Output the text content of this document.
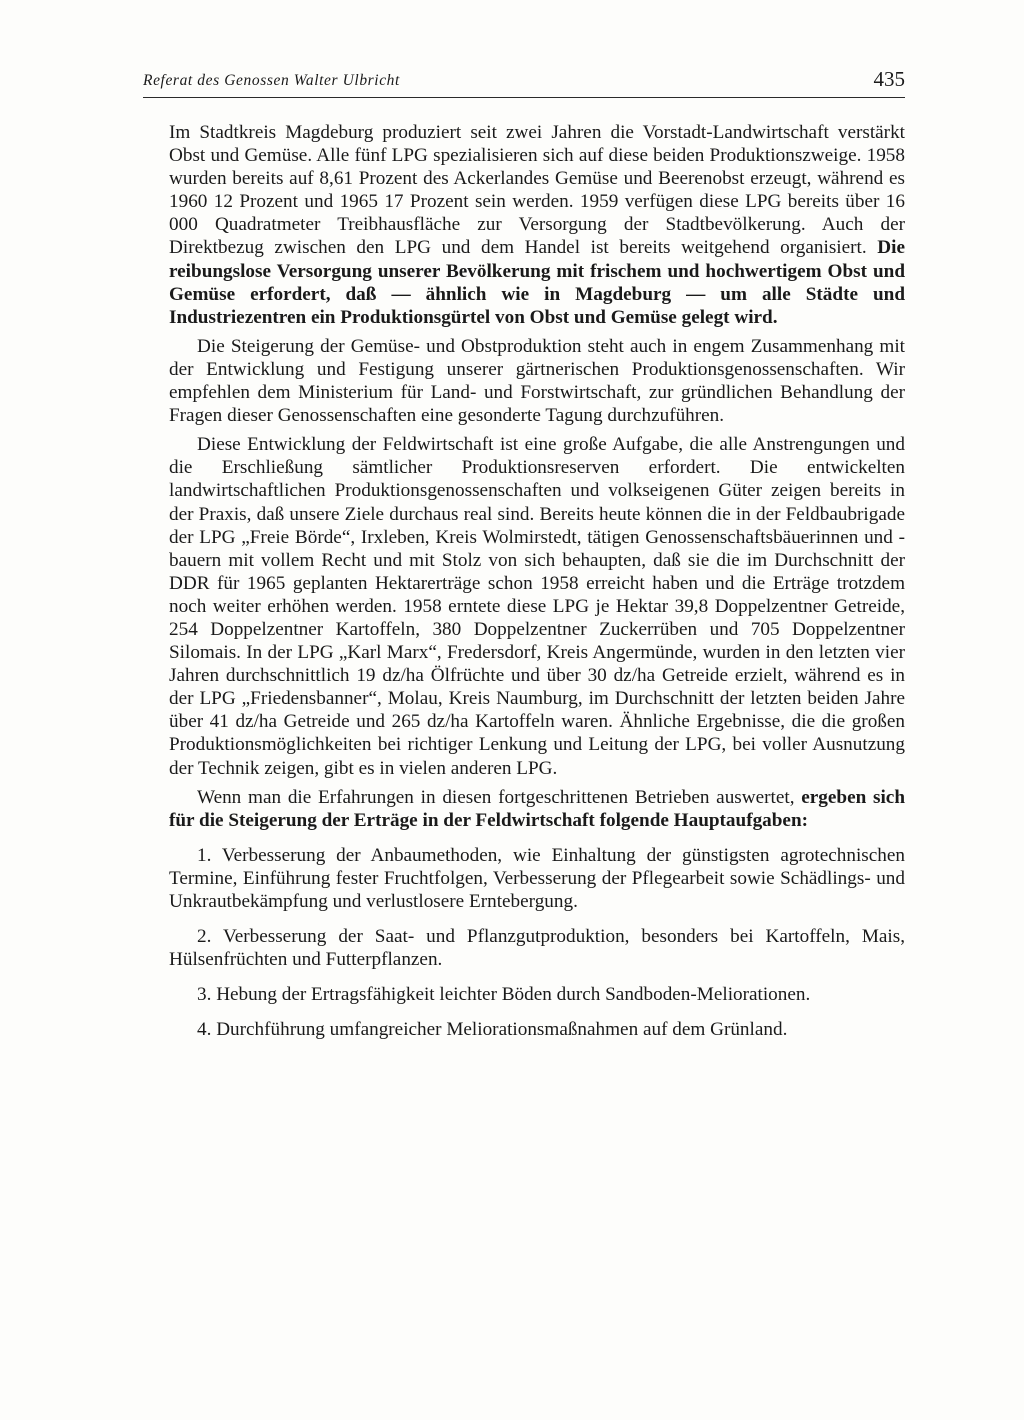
Referat des Genossen Walter Ulbricht	435

Im Stadtkreis Magdeburg produziert seit zwei Jahren die Vorstadt-Landwirtschaft verstärkt Obst und Gemüse. Alle fünf LPG spezialisieren sich auf diese beiden Produktionszweige. 1958 wurden bereits auf 8,61 Prozent des Ackerlandes Gemüse und Beerenobst erzeugt, während es 1960 12 Prozent und 1965 17 Prozent sein werden. 1959 verfügen diese LPG bereits über 16 000 Quadratmeter Treibhausfläche zur Versorgung der Stadtbevölkerung. Auch der Direktbezug zwischen den LPG und dem Handel ist bereits weitgehend organisiert. Die reibungslose Versorgung unserer Bevölkerung mit frischem und hochwertigem Obst und Gemüse erfordert, daß — ähnlich wie in Magdeburg — um alle Städte und Industriezentren ein Produktionsgürtel von Obst und Gemüse gelegt wird.

Die Steigerung der Gemüse- und Obstproduktion steht auch in engem Zusammenhang mit der Entwicklung und Festigung unserer gärtnerischen Produktionsgenossenschaften. Wir empfehlen dem Ministerium für Land- und Forstwirtschaft, zur gründlichen Behandlung der Fragen dieser Genossenschaften eine gesonderte Tagung durchzuführen.

Diese Entwicklung der Feldwirtschaft ist eine große Aufgabe, die alle Anstrengungen und die Erschließung sämtlicher Produktionsreserven erfordert. Die entwickelten landwirtschaftlichen Produktionsgenossenschaften und volkseigenen Güter zeigen bereits in der Praxis, daß unsere Ziele durchaus real sind. Bereits heute können die in der Feldbaubrigade der LPG „Freie Börde“, Irxleben, Kreis Wolmirstedt, tätigen Genossenschaftsbäuerinnen und -bauern mit vollem Recht und mit Stolz von sich behaupten, daß sie die im Durchschnitt der DDR für 1965 geplanten Hektarerträge schon 1958 erreicht haben und die Erträge trotzdem noch weiter erhöhen werden. 1958 erntete diese LPG je Hektar 39,8 Doppelzentner Getreide, 254 Doppelzentner Kartoffeln, 380 Doppelzentner Zuckerrüben und 705 Doppelzentner Silomais. In der LPG „Karl Marx“, Fredersdorf, Kreis Angermünde, wurden in den letzten vier Jahren durchschnittlich 19 dz/ha Ölfrüchte und über 30 dz/ha Getreide erzielt, während es in der LPG „Friedensbanner“, Molau, Kreis Naumburg, im Durchschnitt der letzten beiden Jahre über 41 dz/ha Getreide und 265 dz/ha Kartoffeln waren. Ähnliche Ergebnisse, die die großen Produktionsmöglichkeiten bei richtiger Lenkung und Leitung der LPG, bei voller Ausnutzung der Technik zeigen, gibt es in vielen anderen LPG.

Wenn man die Erfahrungen in diesen fortgeschrittenen Betrieben auswertet, ergeben sich für die Steigerung der Erträge in der Feldwirtschaft folgende Hauptaufgaben:

1. Verbesserung der Anbaumethoden, wie Einhaltung der günstigsten agrotechnischen Termine, Einführung fester Fruchtfolgen, Verbesserung der Pflegearbeit sowie Schädlings- und Unkrautbekämpfung und verlustlosere Erntebergung.

2. Verbesserung der Saat- und Pflanzgutproduktion, besonders bei Kartoffeln, Mais, Hülsenfrüchten und Futterpflanzen.

3. Hebung der Ertragsfähigkeit leichter Böden durch Sandboden-Meliorationen.

4. Durchführung umfangreicher Meliorationsmaßnahmen auf dem Grünland.
